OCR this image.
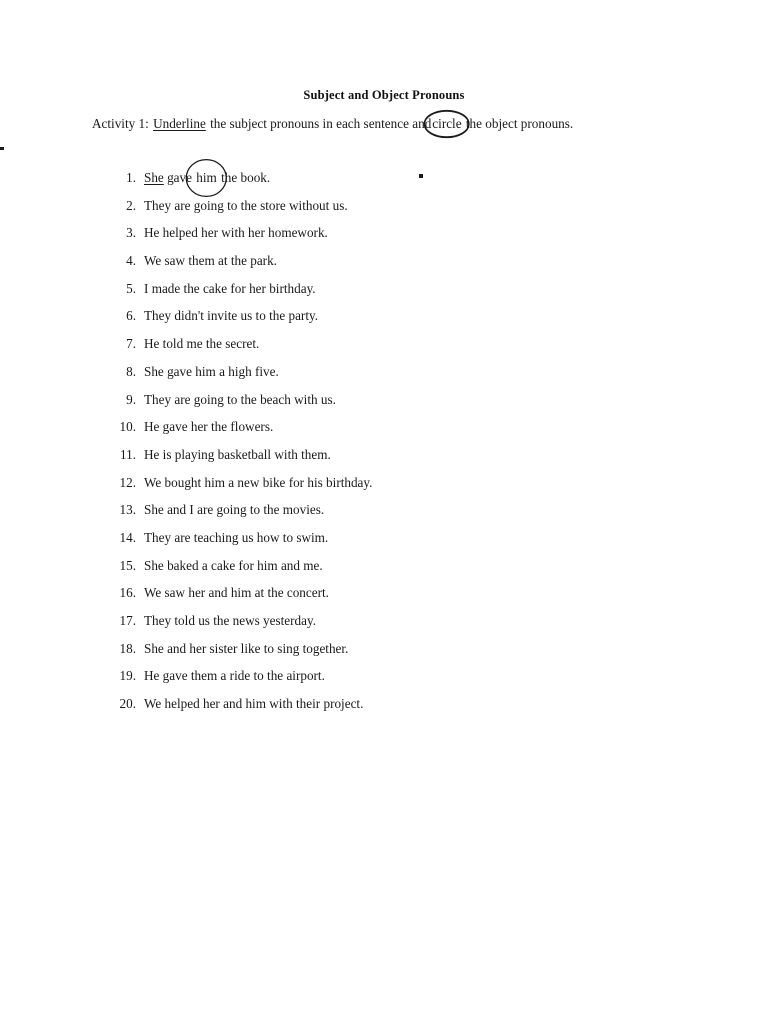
Subject and Object Pronouns
Activity 1: Underline the subject pronouns in each sentence andcircle the object pronouns.
1. She gave him
the book.
2. They are going to the store without us.
3. He helped her with her homework.
4. We saw them at the park.
5. I made the cake for her birthday.
6. They didn't invite us to the party.
7. He told me the secret.
8. She gave him a high five.
9. They are going to the beach with us.
10. He gave her the flowers.
11. He is playing basketball with them.
12. We bought him a new bike for his birthday.
13. She and I are going to the movies.
14. They are teaching us how to swim.
15. She baked a cake for him and me.
16. We saw her and him at the concert.
17. They told us the news yesterday.
18. She and her sister like to sing together.
19. He gave them a ride to the airport.
20. We helped her and him with their project.
